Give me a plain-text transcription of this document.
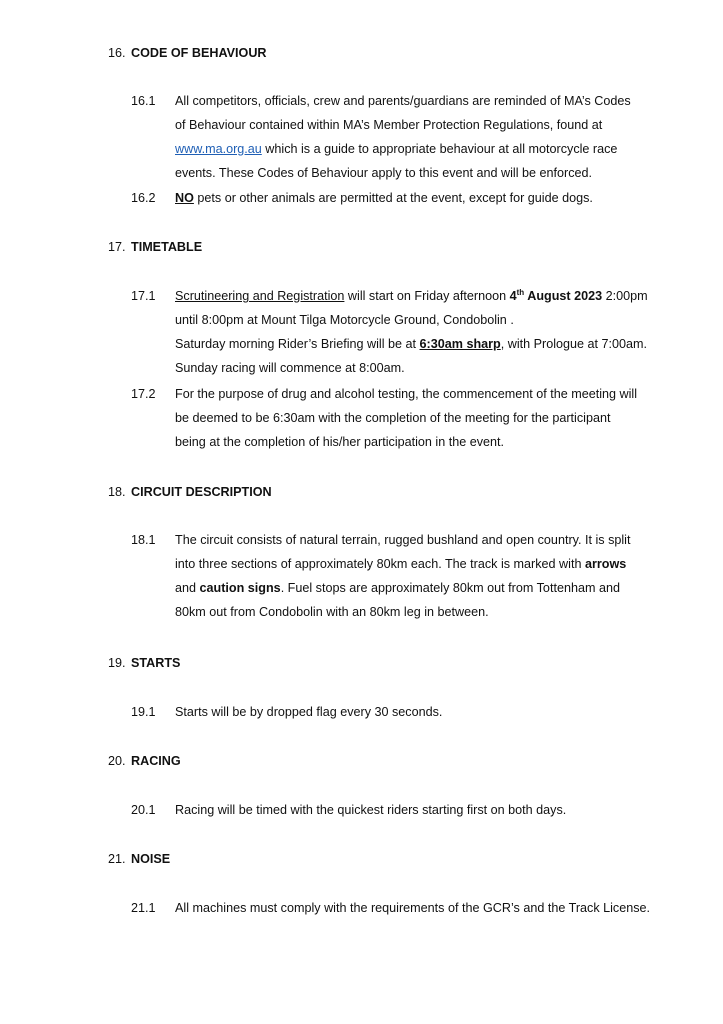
16. CODE OF BEHAVIOUR
16.1 All competitors, officials, crew and parents/guardians are reminded of MA’s Codes
of Behaviour contained within MA’s Member Protection Regulations, found at
www.ma.org.au which is a guide to appropriate behaviour at all motorcycle race
events. These Codes of Behaviour apply to this event and will be enforced.
16.2 NO pets or other animals are permitted at the event, except for guide dogs.
17. TIMETABLE
17.1 Scrutineering and Registration will start on Friday afternoon 4th August 2023 2:00pm
until 8:00pm at Mount Tilga Motorcycle Ground, Condobolin .
Saturday morning Rider’s Briefing will be at 6:30am sharp, with Prologue at 7:00am.
Sunday racing will commence at 8:00am.
17.2 For the purpose of drug and alcohol testing, the commencement of the meeting will
be deemed to be 6:30am with the completion of the meeting for the participant
being at the completion of his/her participation in the event.
18. CIRCUIT DESCRIPTION
18.1 The circuit consists of natural terrain, rugged bushland and open country. It is split
into three sections of approximately 80km each. The track is marked with arrows
and caution signs. Fuel stops are approximately 80km out from Tottenham and
80km out from Condobolin with an 80km leg in between.
19. STARTS
19.1 Starts will be by dropped flag every 30 seconds.
20. RACING
20.1 Racing will be timed with the quickest riders starting first on both days.
21. NOISE
21.1 All machines must comply with the requirements of the GCR’s and the Track License.
